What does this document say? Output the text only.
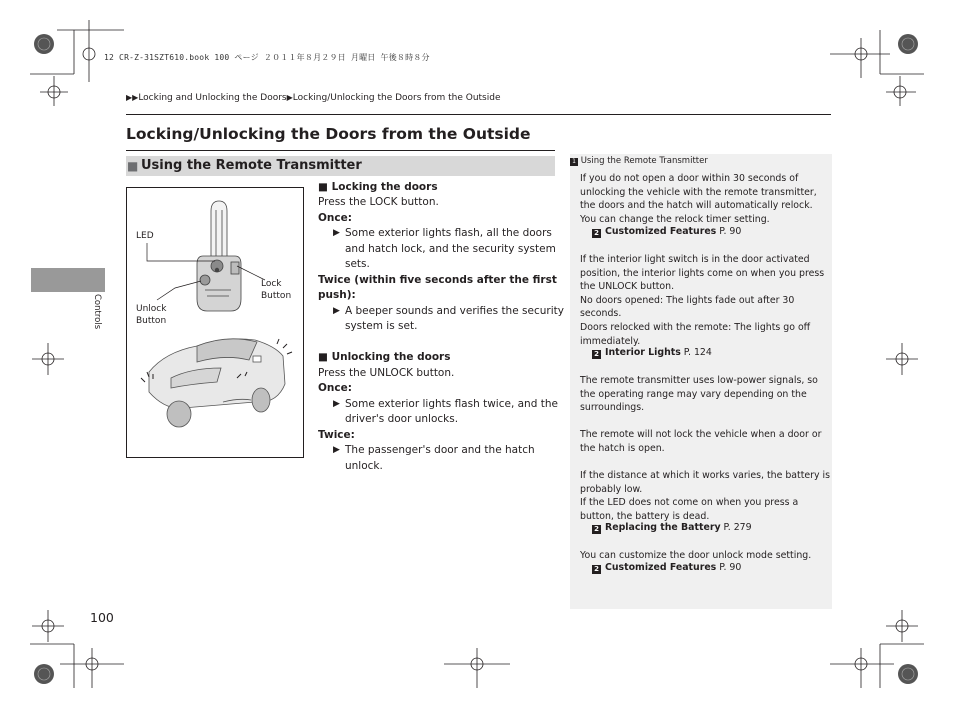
12 CR-Z-31SZT610.book 100 ページ ２０１１年８月２９日 月曜日 午後８時８分
▶▶Locking and Unlocking the Doors▶Locking/Unlocking the Doors from the Outside
Locking/Unlocking the Doors from the Outside
■ Using the Remote Transmitter
Controls
LED
Lock
Button
Unlock
Button
■ Locking the doors
Press the LOCK button.
Once:
▶ Some exterior lights flash, all the doors
and hatch lock, and the security system
sets.
Twice (within five seconds after the first
push):
▶ A beeper sounds and verifies the security
system is set.
■ Unlocking the doors
Press the UNLOCK button.
Once:
▶ Some exterior lights flash twice, and the
driver's door unlocks.
Twice:
▶ The passenger's door and the hatch
unlock.
1 Using the Remote Transmitter
If you do not open a door within 30 seconds of
unlocking the vehicle with the remote transmitter,
the doors and the hatch will automatically relock.
You can change the relock timer setting.
2 Customized Features P. 90
If the interior light switch is in the door activated
position, the interior lights come on when you press
the UNLOCK button.
No doors opened: The lights fade out after 30
seconds.
Doors relocked with the remote: The lights go off
immediately.
2 Interior Lights P. 124
The remote transmitter uses low-power signals, so
the operating range may vary depending on the
surroundings.
The remote will not lock the vehicle when a door or
the hatch is open.
If the distance at which it works varies, the battery is
probably low.
If the LED does not come on when you press a
button, the battery is dead.
2 Replacing the Battery P. 279
You can customize the door unlock mode setting.
2 Customized Features P. 90
100
